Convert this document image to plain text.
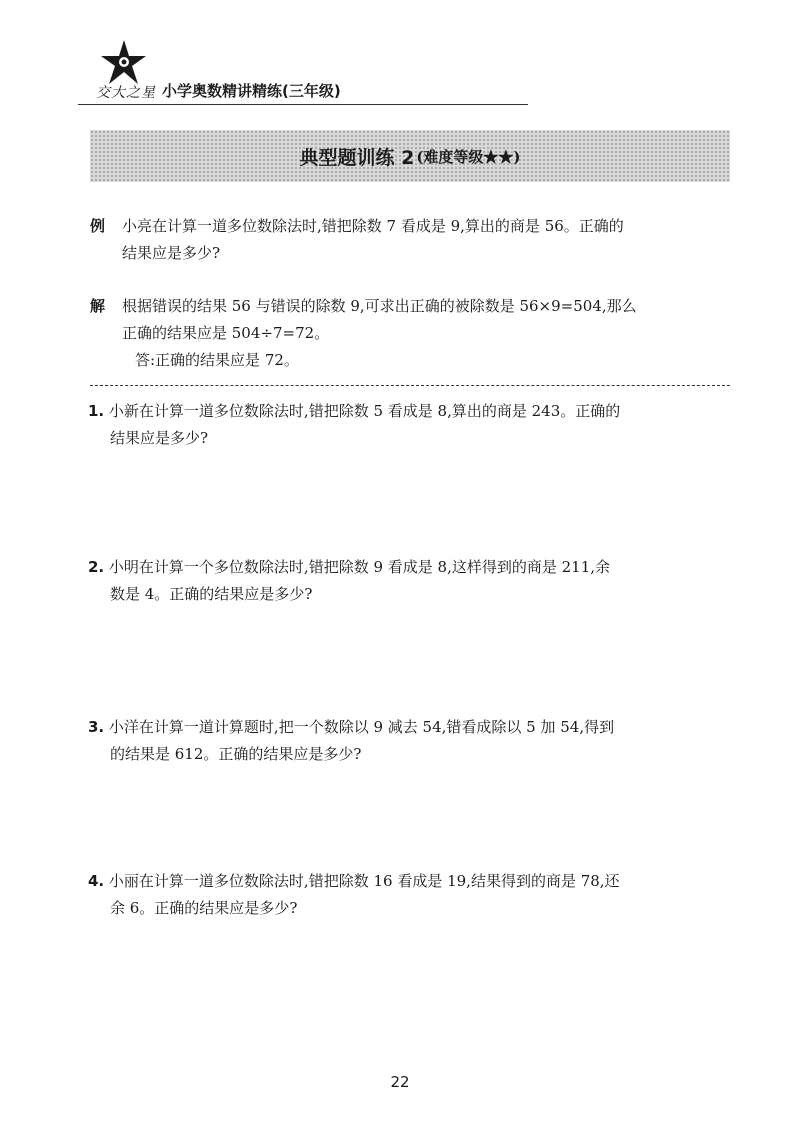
交大之星 小学奥数精讲精练(三年级)
典型题训练 2 (难度等级★★)
例 小亮在计算一道多位数除法时,错把除数 7 看成是 9,算出的商是 56。正确的
结果应是多少?
解 根据错误的结果 56 与错误的除数 9,可求出正确的被除数是 56×9=504,那么
正确的结果应是 504÷7=72。
答:正确的结果应是 72。
1. 小新在计算一道多位数除法时,错把除数 5 看成是 8,算出的商是 243。正确的
结果应是多少?
2. 小明在计算一个多位数除法时,错把除数 9 看成是 8,这样得到的商是 211,余
数是 4。正确的结果应是多少?
3. 小洋在计算一道计算题时,把一个数除以 9 减去 54,错看成除以 5 加 54,得到
的结果是 612。正确的结果应是多少?
4. 小丽在计算一道多位数除法时,错把除数 16 看成是 19,结果得到的商是 78,还
余 6。正确的结果应是多少?
22
